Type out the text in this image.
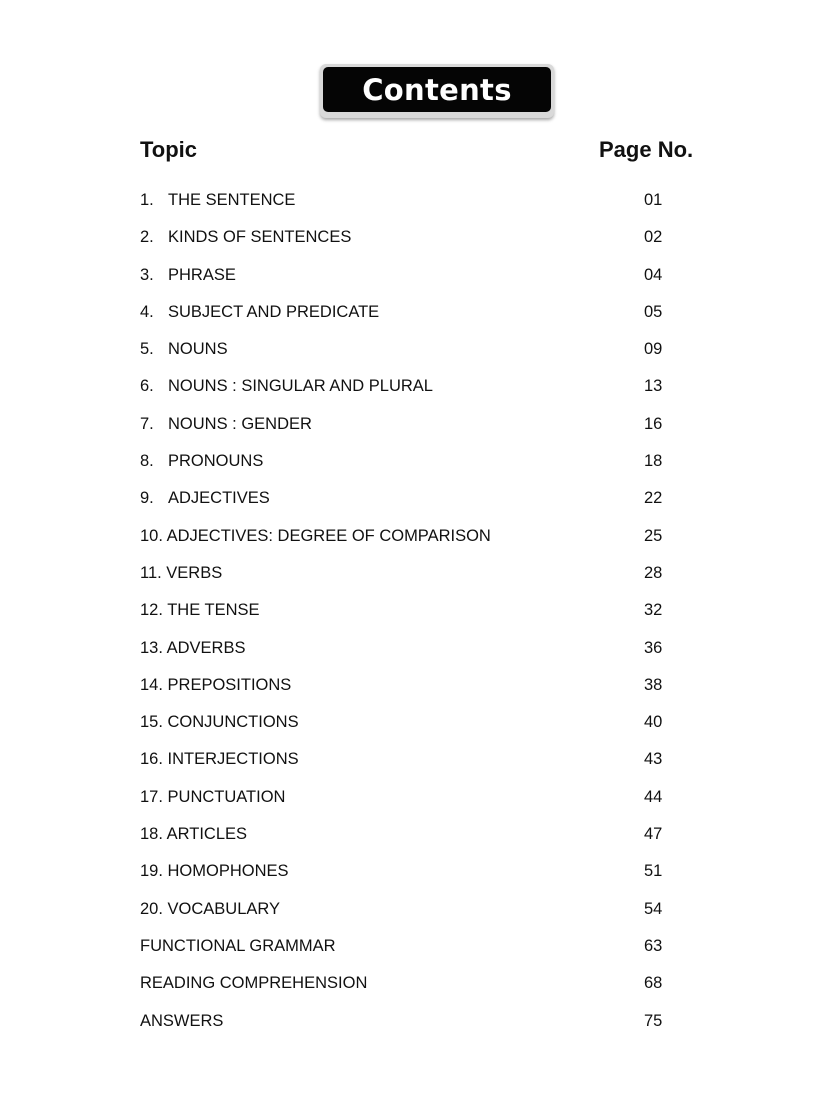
Contents
Topic	Page No.
1. THE SENTENCE	01
2. KINDS OF SENTENCES	02
3. PHRASE	04
4. SUBJECT AND PREDICATE	05
5. NOUNS	09
6. NOUNS : SINGULAR AND PLURAL	13
7. NOUNS : GENDER	16
8. PRONOUNS	18
9. ADJECTIVES	22
10. ADJECTIVES: DEGREE OF COMPARISON	25
11. VERBS	28
12. THE TENSE	32
13. ADVERBS	36
14. PREPOSITIONS	38
15. CONJUNCTIONS	40
16. INTERJECTIONS	43
17. PUNCTUATION	44
18. ARTICLES	47
19. HOMOPHONES	51
20. VOCABULARY	54
FUNCTIONAL GRAMMAR	63
READING COMPREHENSION	68
ANSWERS	75
